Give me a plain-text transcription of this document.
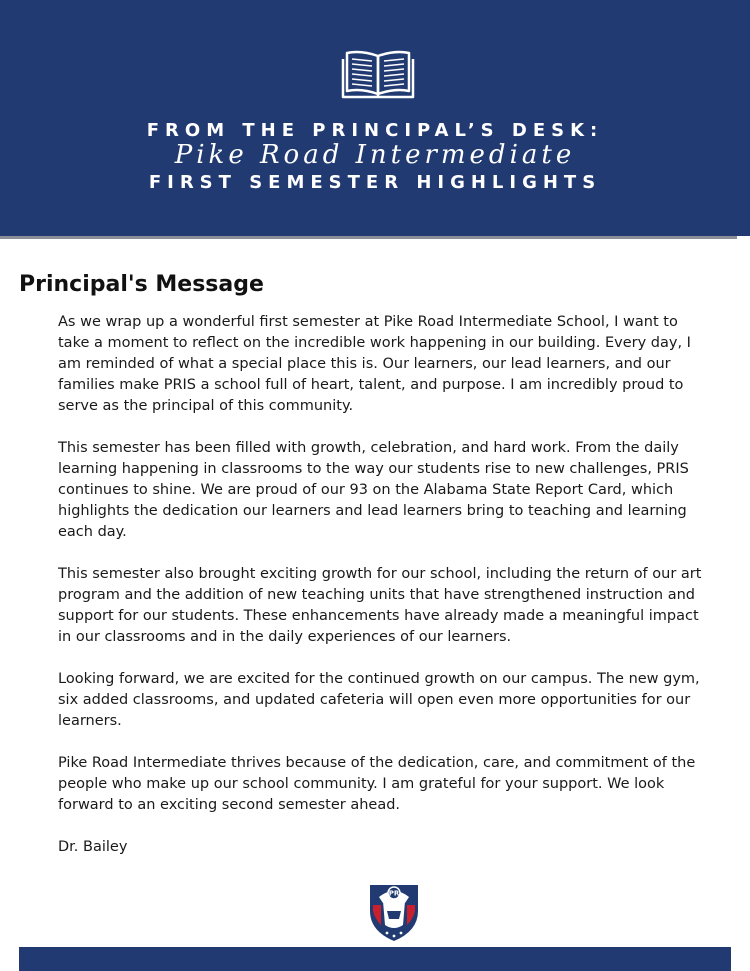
FROM THE PRINCIPAL’S DESK:
Pike Road Intermediate
FIRST SEMESTER HIGHLIGHTS
Principal's Message

As we wrap up a wonderful first semester at Pike Road Intermediate School, I want to take a moment to reflect on the incredible work happening in our building. Every day, I am reminded of what a special place this is. Our learners, our lead learners, and our families make PRIS a school full of heart, talent, and purpose. I am incredibly proud to serve as the principal of this community.

This semester has been filled with growth, celebration, and hard work. From the daily learning happening in classrooms to the way our students rise to new challenges, PRIS continues to shine. We are proud of our 93 on the Alabama State Report Card, which highlights the dedication our learners and lead learners bring to teaching and learning each day.

This semester also brought exciting growth for our school, including the return of our art program and the addition of new teaching units that have strengthened instruction and support for our students. These enhancements have already made a meaningful impact in our classrooms and in the daily experiences of our learners.

Looking forward, we are excited for the continued growth on our campus. The new gym, six added classrooms, and updated cafeteria will open even more opportunities for our learners.

Pike Road Intermediate thrives because of the dedication, care, and commitment of the people who make up our school community. I am grateful for your support. We look forward to an exciting second semester ahead.

Dr. Bailey

PR
